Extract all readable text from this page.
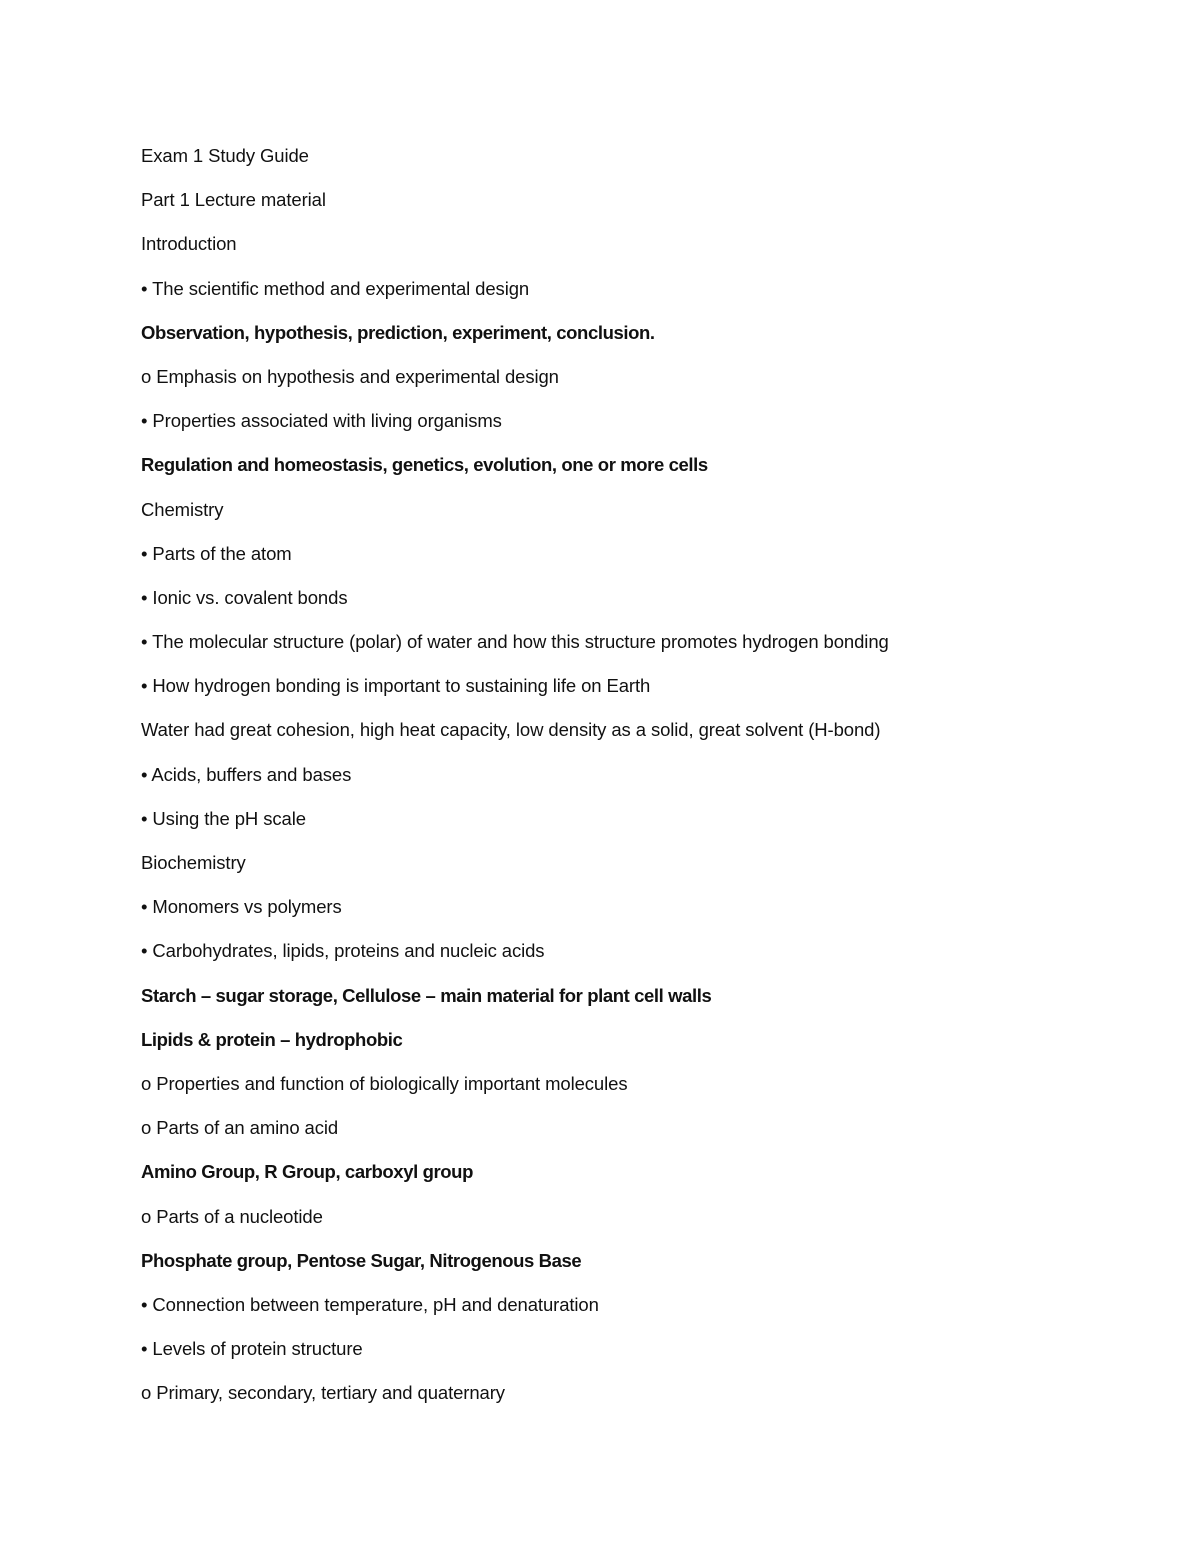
Exam 1 Study Guide
Part 1 Lecture material
Introduction
• The scientific method and experimental design
Observation, hypothesis, prediction, experiment, conclusion.
o Emphasis on hypothesis and experimental design
• Properties associated with living organisms
Regulation and homeostasis, genetics, evolution, one or more cells
Chemistry
• Parts of the atom
• Ionic vs. covalent bonds
• The molecular structure (polar) of water and how this structure promotes hydrogen bonding
• How hydrogen bonding is important to sustaining life on Earth
Water had great cohesion, high heat capacity, low density as a solid, great solvent (H-bond)
• Acids, buffers and bases
• Using the pH scale
Biochemistry
• Monomers vs polymers
• Carbohydrates, lipids, proteins and nucleic acids
Starch – sugar storage, Cellulose – main material for plant cell walls
Lipids & protein – hydrophobic
o Properties and function of biologically important molecules
o Parts of an amino acid
Amino Group, R Group, carboxyl group
o Parts of a nucleotide
Phosphate group, Pentose Sugar, Nitrogenous Base
• Connection between temperature, pH and denaturation
• Levels of protein structure
o Primary, secondary, tertiary and quaternary
